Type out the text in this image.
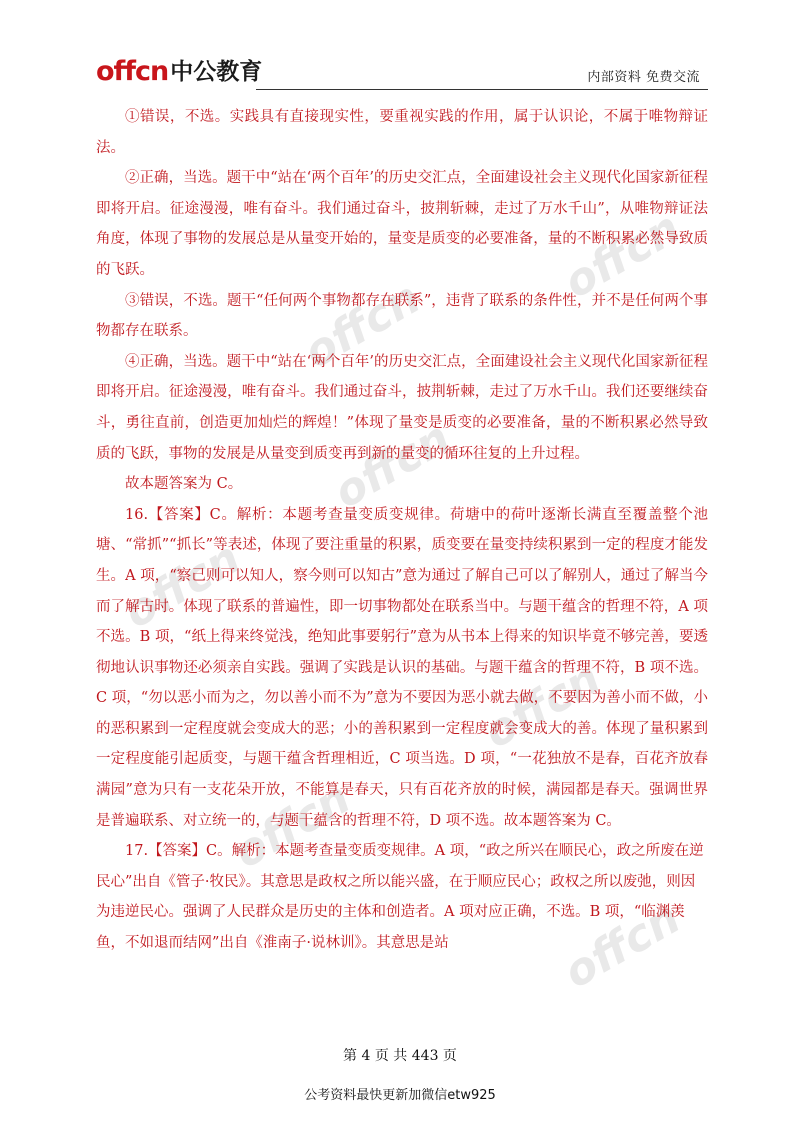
offcn 中公教育	内部资料 免费交流
offcn
offcn
offcn
offcn
offcn
offcn
offcn

①错误，不选。实践具有直接现实性，要重视实践的作用，属于认识论，不属于唯物辩证法。

②正确，当选。题干中“站在‘两个百年’的历史交汇点，全面建设社会主义现代化国家新征程即将开启。征途漫漫，唯有奋斗。我们通过奋斗，披荆斩棘，走过了万水千山”，从唯物辩证法角度，体现了事物的发展总是从量变开始的，量变是质变的必要准备，量的不断积累必然导致质的飞跃。

③错误，不选。题干“任何两个事物都存在联系”，违背了联系的条件性，并不是任何两个事物都存在联系。

④正确，当选。题干中“站在‘两个百年’的历史交汇点，全面建设社会主义现代化国家新征程即将开启。征途漫漫，唯有奋斗。我们通过奋斗，披荆斩棘，走过了万水千山。我们还要继续奋斗，勇往直前，创造更加灿烂的辉煌！”体现了量变是质变的必要准备，量的不断积累必然导致质的飞跃，事物的发展是从量变到质变再到新的量变的循环往复的上升过程。

故本题答案为 C。

16.【答案】C。解析：本题考查量变质变规律。荷塘中的荷叶逐渐长满直至覆盖整个池塘、“常抓”“抓长”等表述，体现了要注重量的积累，质变要在量变持续积累到一定的程度才能发生。A 项，“察己则可以知人，察今则可以知古”意为通过了解自己可以了解别人，通过了解当今而了解古时。体现了联系的普遍性，即一切事物都处在联系当中。与题干蕴含的哲理不符，A 项不选。B 项，“纸上得来终觉浅，绝知此事要躬行”意为从书本上得来的知识毕竟不够完善，要透彻地认识事物还必须亲自实践。强调了实践是认识的基础。与题干蕴含的哲理不符，B 项不选。C 项，“勿以恶小而为之，勿以善小而不为”意为不要因为恶小就去做，不要因为善小而不做，小的恶积累到一定程度就会变成大的恶；小的善积累到一定程度就会变成大的善。体现了量积累到一定程度能引起质变，与题干蕴含哲理相近，C 项当选。D 项，“一花独放不是春，百花齐放春满园”意为只有一支花朵开放，不能算是春天，只有百花齐放的时候，满园都是春天。强调世界是普遍联系、对立统一的，与题干蕴含的哲理不符，D 项不选。故本题答案为 C。

17.【答案】C。解析：本题考查量变质变规律。A 项，“政之所兴在顺民心，政之所废在逆民心”出自《管子·牧民》。其意思是政权之所以能兴盛，在于顺应民心；政权之所以废弛，则因为违逆民心。强调了人民群众是历史的主体和创造者。A 项对应正确，不选。B 项，“临渊羡鱼，不如退而结网”出自《淮南子·说林训》。其意思是站

第 4 页 共 443 页
公考资料最快更新加微信etw925
